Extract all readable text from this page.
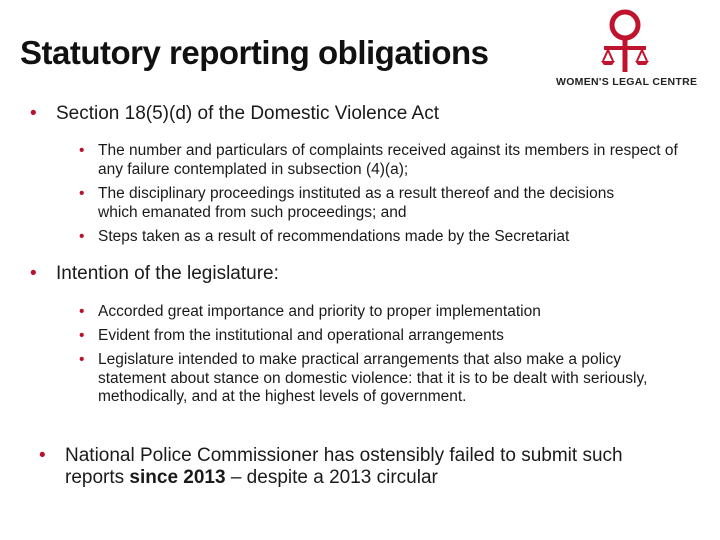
Statutory reporting obligations
WOMEN'S LEGAL CENTRE
• Section 18(5)(d) of the Domestic Violence Act
• The number and particulars of complaints received against its members in respect of any failure contemplated in subsection (4)(a);
• The disciplinary proceedings instituted as a result thereof and the decisions which emanated from such proceedings; and
• Steps taken as a result of recommendations made by the Secretariat
• Intention of the legislature:
• Accorded great importance and priority to proper implementation
• Evident from the institutional and operational arrangements
• Legislature intended to make practical arrangements that also make a policy statement about stance on domestic violence: that it is to be dealt with seriously, methodically, and at the highest levels of government.
• National Police Commissioner has ostensibly failed to submit such reports since 2013 – despite a 2013 circular
